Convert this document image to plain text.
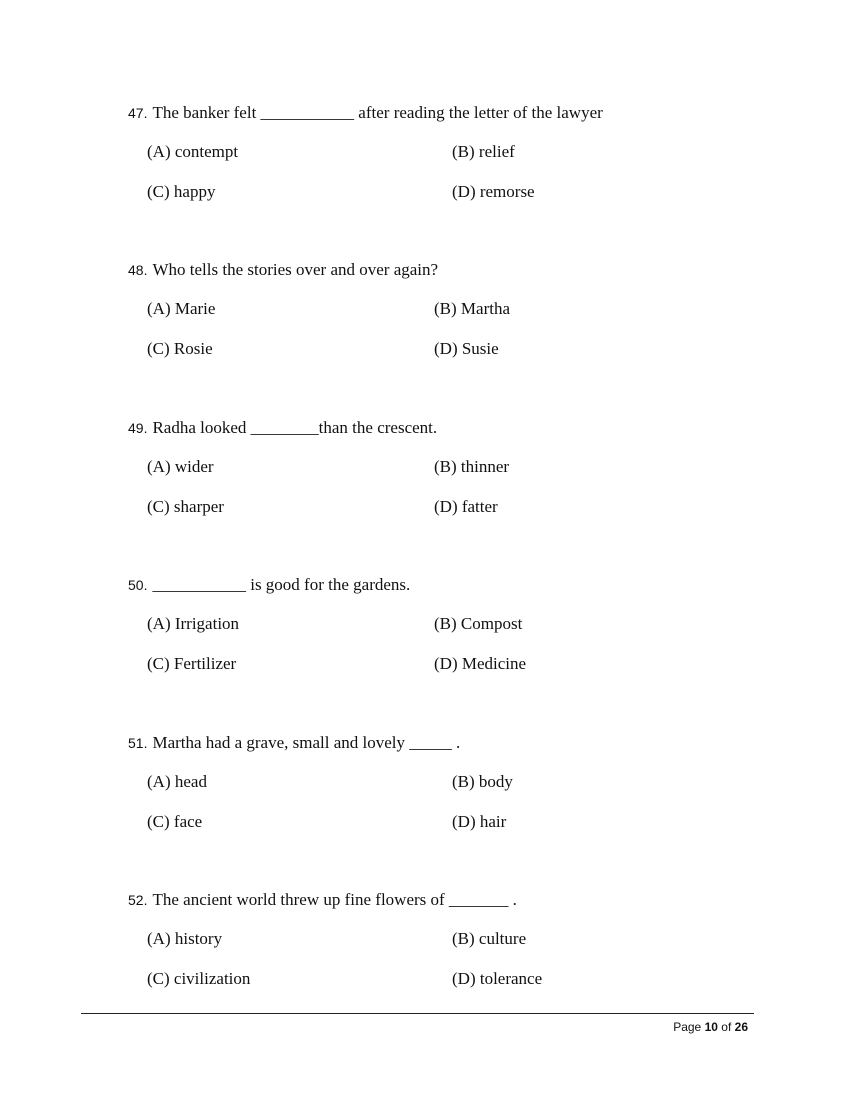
47. The banker felt ___________ after reading the letter of the lawyer
(A) contempt	(B) relief
(C) happy	(D) remorse
48. Who tells the stories over and over again?
(A) Marie	(B) Martha
(C) Rosie	(D) Susie
49. Radha looked ________than the crescent.
(A) wider	(B) thinner
(C) sharper	(D) fatter
50. ___________ is good for the gardens.
(A) Irrigation	(B) Compost
(C) Fertilizer	(D) Medicine
51. Martha had a grave, small and lovely _____ .
(A) head	(B) body
(C) face	(D) hair
52. The ancient world threw up fine flowers of _______ .
(A) history	(B) culture
(C) civilization	(D) tolerance
Page 10 of 26
